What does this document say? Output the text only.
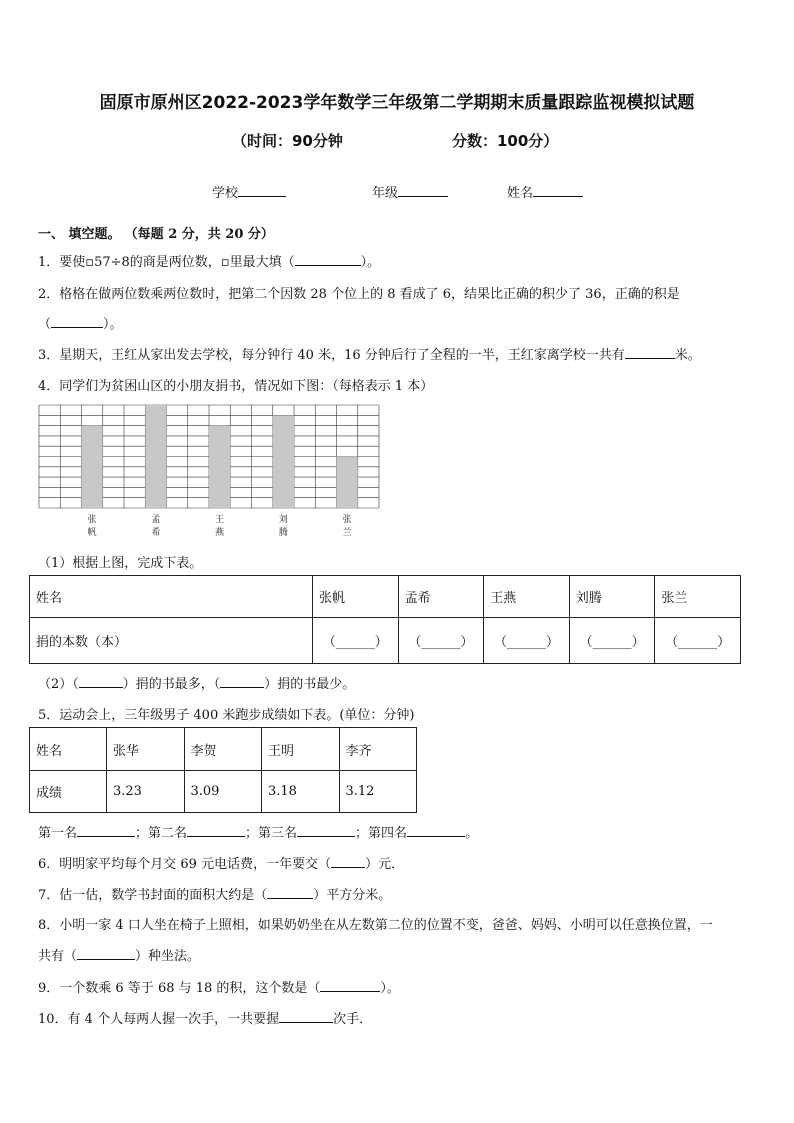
固原市原州区2022-2023学年数学三年级第二学期期末质量跟踪监视模拟试题
（时间：90分钟	分数：100分）
学校	年级	姓名
一、 填空题。 （每题 2 分，共 20 分）
1．要使▫57÷8的商是两位数，▫里最大填（	）。
2．格格在做两位数乘两位数时，把第二个因数 28 个位上的 8 看成了 6，结果比正确的积少了 36，正确的积是
（	）。
3．星期天，王红从家出发去学校，每分钟行 40 米，16 分钟后行了全程的一半，王红家离学校一共有	米。
4．同学们为贫困山区的小朋友捐书，情况如下图：（每格表示 1 本）
张
帆
孟
希
王
燕
刘
腾
张
兰
（1）根据上图，完成下表。
姓名	张帆	孟希	王燕	刘腾	张兰
捐的本数（本）	（______）	（______）	（______）	（______）	（______）
（2）（	）捐的书最多，（	）捐的书最少。
5．运动会上，三年级男子 400 米跑步成绩如下表。(单位：分钟)
姓名	张华	李贺	王明	李齐
成绩	3.23	3.09	3.18	3.12
第一名	；第二名	；第三名	；第四名	。
6．明明家平均每个月交 69 元电话费，一年要交（	）元．
7．估一估，数学书封面的面积大约是（	）平方分米。
8．小明一家 4 口人坐在椅子上照相，如果奶奶坐在从左数第二位的位置不变，爸爸、妈妈、小明可以任意换位置，一
共有（	）种坐法。
9．一个数乘 6 等于 68 与 18 的积，这个数是（	）。
10．有 4 个人每两人握一次手，一共要握	次手．
